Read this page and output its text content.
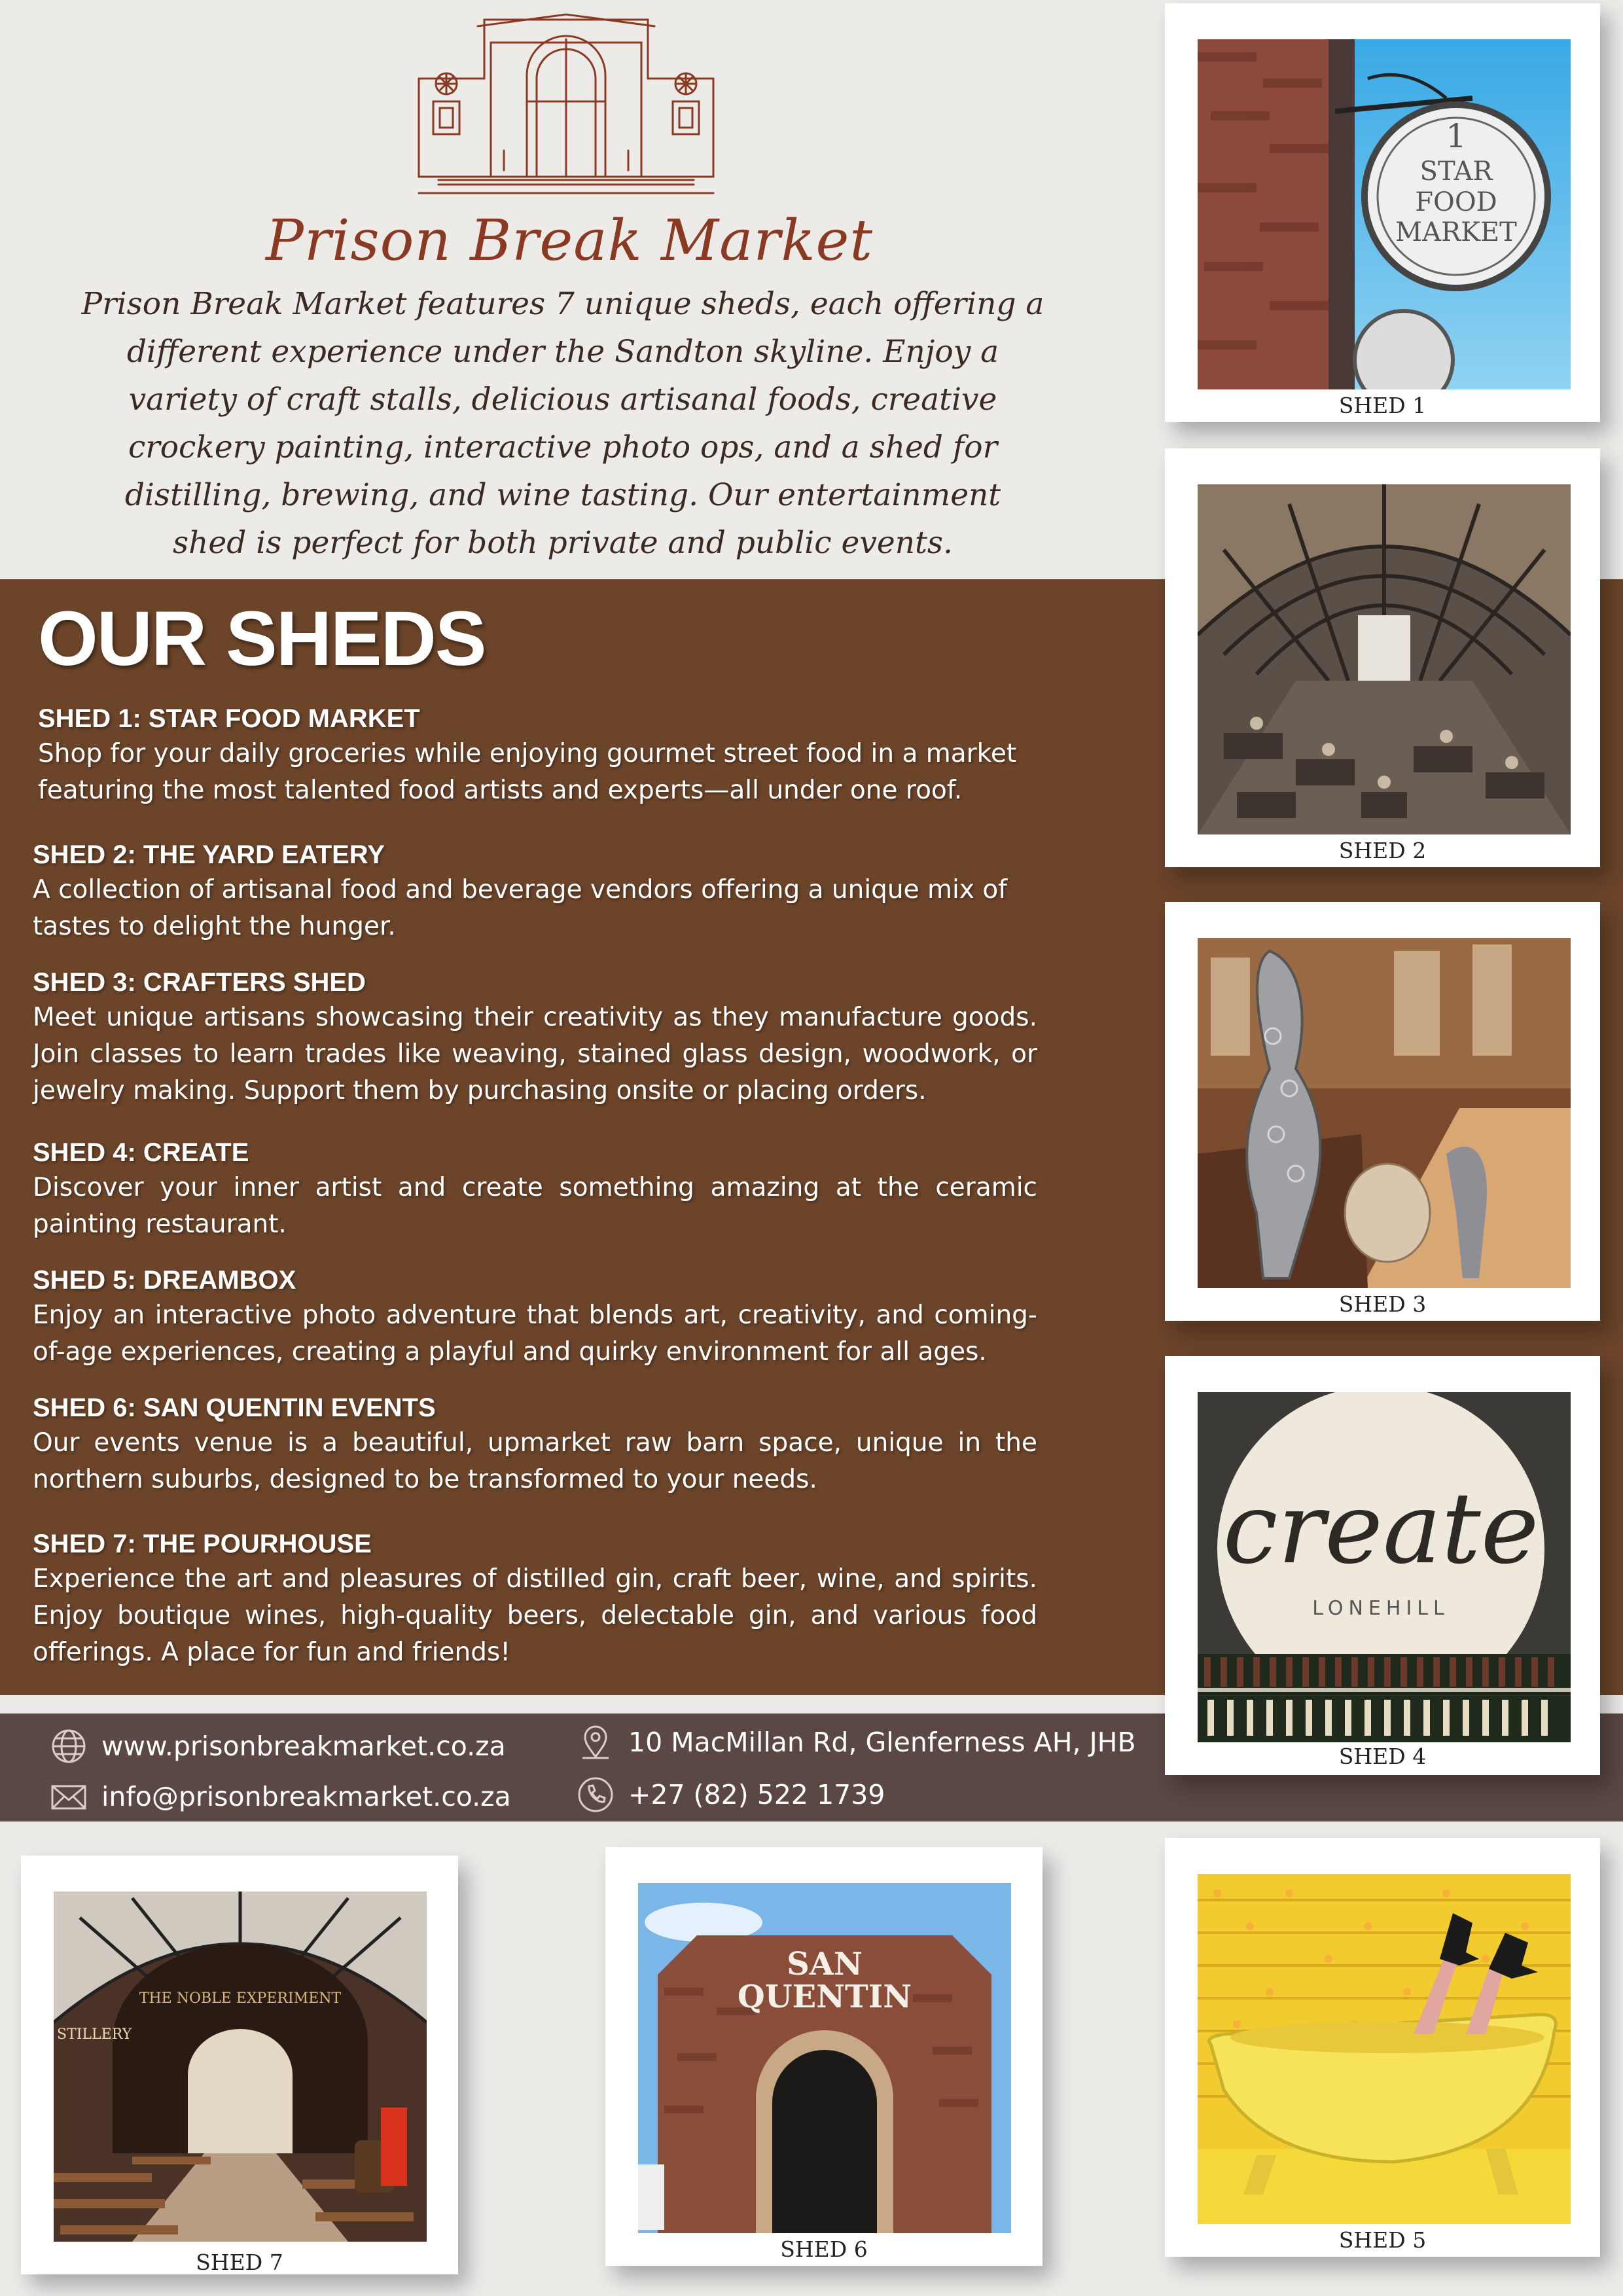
Prison Break Market
Prison Break Market features 7 unique sheds, each offering a
different experience under the Sandton skyline. Enjoy a
variety of craft stalls, delicious artisanal foods, creative
crockery painting, interactive photo ops, and a shed for
distilling, brewing, and wine tasting. Our entertainment
shed is perfect for both private and public events.
OUR SHEDS
SHED 1: STAR FOOD MARKET

Shop for your daily groceries while enjoying gourmet street food in a market featuring the most talented food artists and experts—all under one roof.

SHED 2: THE YARD EATERY

A collection of artisanal food and beverage vendors offering a unique mix of tastes to delight the hunger.

SHED 3: CRAFTERS SHED

Meet unique artisans showcasing their creativity as they manufacture goods. Join classes to learn trades like weaving, stained glass design, woodwork, or jewelry making. Support them by purchasing onsite or placing orders.

SHED 4: CREATE

Discover your inner artist and create something amazing at the ceramic painting restaurant.

SHED 5: DREAMBOX

Enjoy an interactive photo adventure that blends art, creativity, and coming-of-age experiences, creating a playful and quirky environment for all ages.

SHED 6: SAN QUENTIN EVENTS

Our events venue is a beautiful, upmarket raw barn space, unique in the northern suburbs, designed to be transformed to your needs.

SHED 7: THE POURHOUSE

Experience the art and pleasures of distilled gin, craft beer, wine, and spirits. Enjoy boutique wines, high-quality beers, delectable gin, and various food offerings. A place for fun and friends!

www.prisonbreakmarket.co.za
info@prisonbreakmarket.co.za
10 MacMillan Rd, Glenferness AH, JHB
+27 (82) 522 1739
1
STAR
FOOD
MARKET
SHED 1
SHED 2
SHED 3
create
LONEHILL
SHED 4
SHED 5
SAN
QUENTIN
SHED 6
THE NOBLE EXPERIMENT
STILLERY
SHED 7
